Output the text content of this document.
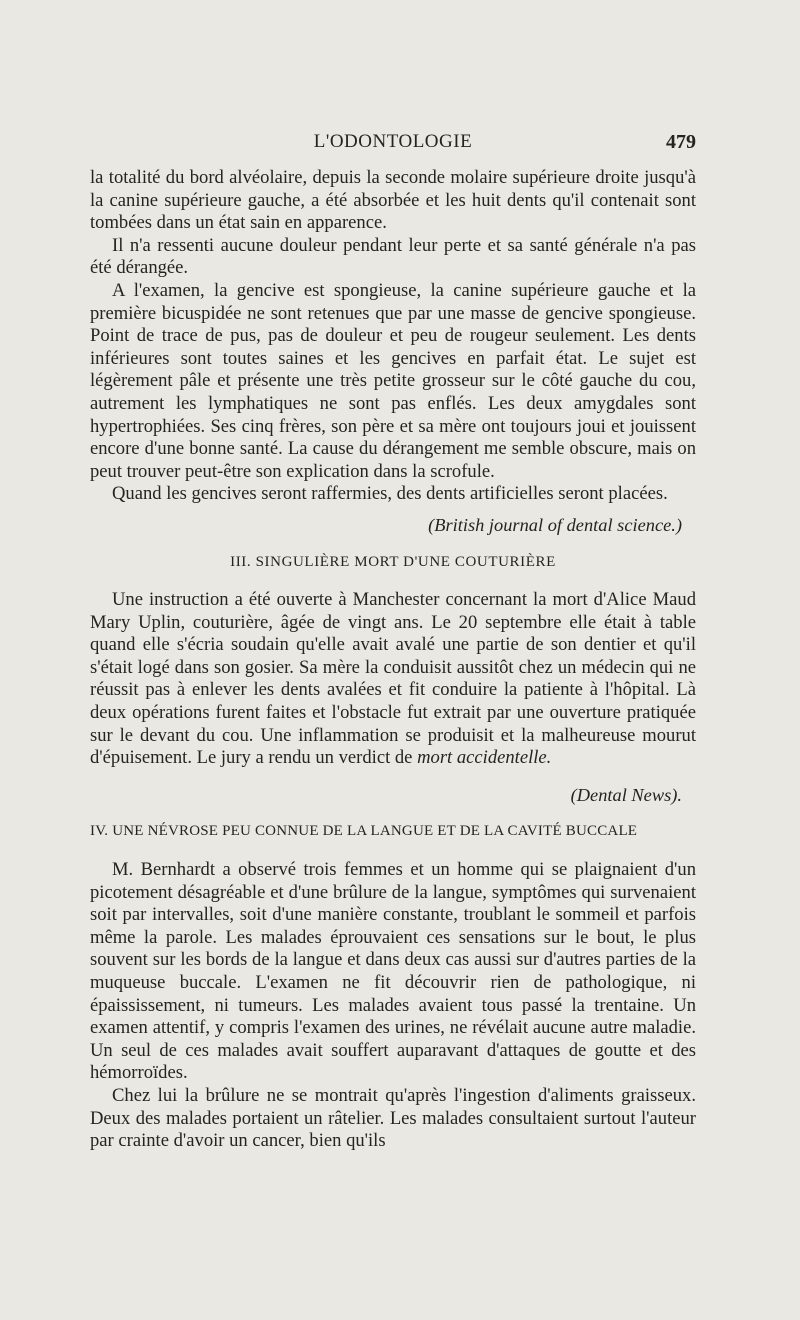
L'ODONTOLOGIE	479

la totalité du bord alvéolaire, depuis la seconde molaire supérieure droite jusqu'à la canine supérieure gauche, a été absorbée et les huit dents qu'il contenait sont tombées dans un état sain en apparence.

Il n'a ressenti aucune douleur pendant leur perte et sa santé générale n'a pas été dérangée.

A l'examen, la gencive est spongieuse, la canine supérieure gauche et la première bicuspidée ne sont retenues que par une masse de gencive spongieuse. Point de trace de pus, pas de douleur et peu de rougeur seulement. Les dents inférieures sont toutes saines et les gencives en parfait état. Le sujet est légèrement pâle et présente une très petite grosseur sur le côté gauche du cou, autrement les lymphatiques ne sont pas enflés. Les deux amygdales sont hypertrophiées. Ses cinq frères, son père et sa mère ont toujours joui et jouissent encore d'une bonne santé. La cause du dérangement me semble obscure, mais on peut trouver peut-être son explication dans la scrofule.

Quand les gencives seront raffermies, des dents artificielles seront placées.

(British journal of dental science.)

III. SINGULIÈRE MORT D'UNE COUTURIÈRE

Une instruction a été ouverte à Manchester concernant la mort d'Alice Maud Mary Uplin, couturière, âgée de vingt ans. Le 20 septembre elle était à table quand elle s'écria soudain qu'elle avait avalé une partie de son dentier et qu'il s'était logé dans son gosier. Sa mère la conduisit aussitôt chez un médecin qui ne réussit pas à enlever les dents avalées et fit conduire la patiente à l'hôpital. Là deux opérations furent faites et l'obstacle fut extrait par une ouverture pratiquée sur le devant du cou. Une inflammation se produisit et la malheureuse mourut d'épuisement. Le jury a rendu un verdict de mort accidentelle.

(Dental News).

IV. UNE NÉVROSE PEU CONNUE DE LA LANGUE ET DE LA CAVITÉ BUCCALE

M. Bernhardt a observé trois femmes et un homme qui se plaignaient d'un picotement désagréable et d'une brûlure de la langue, symptômes qui survenaient soit par intervalles, soit d'une manière constante, troublant le sommeil et parfois même la parole. Les malades éprouvaient ces sensations sur le bout, le plus souvent sur les bords de la langue et dans deux cas aussi sur d'autres parties de la muqueuse buccale. L'examen ne fit découvrir rien de pathologique, ni épaississement, ni tumeurs. Les malades avaient tous passé la trentaine. Un examen attentif, y compris l'examen des urines, ne révélait aucune autre maladie. Un seul de ces malades avait souffert auparavant d'attaques de goutte et des hémorroïdes.

Chez lui la brûlure ne se montrait qu'après l'ingestion d'aliments graisseux. Deux des malades portaient un râtelier. Les malades consultaient surtout l'auteur par crainte d'avoir un cancer, bien qu'ils
